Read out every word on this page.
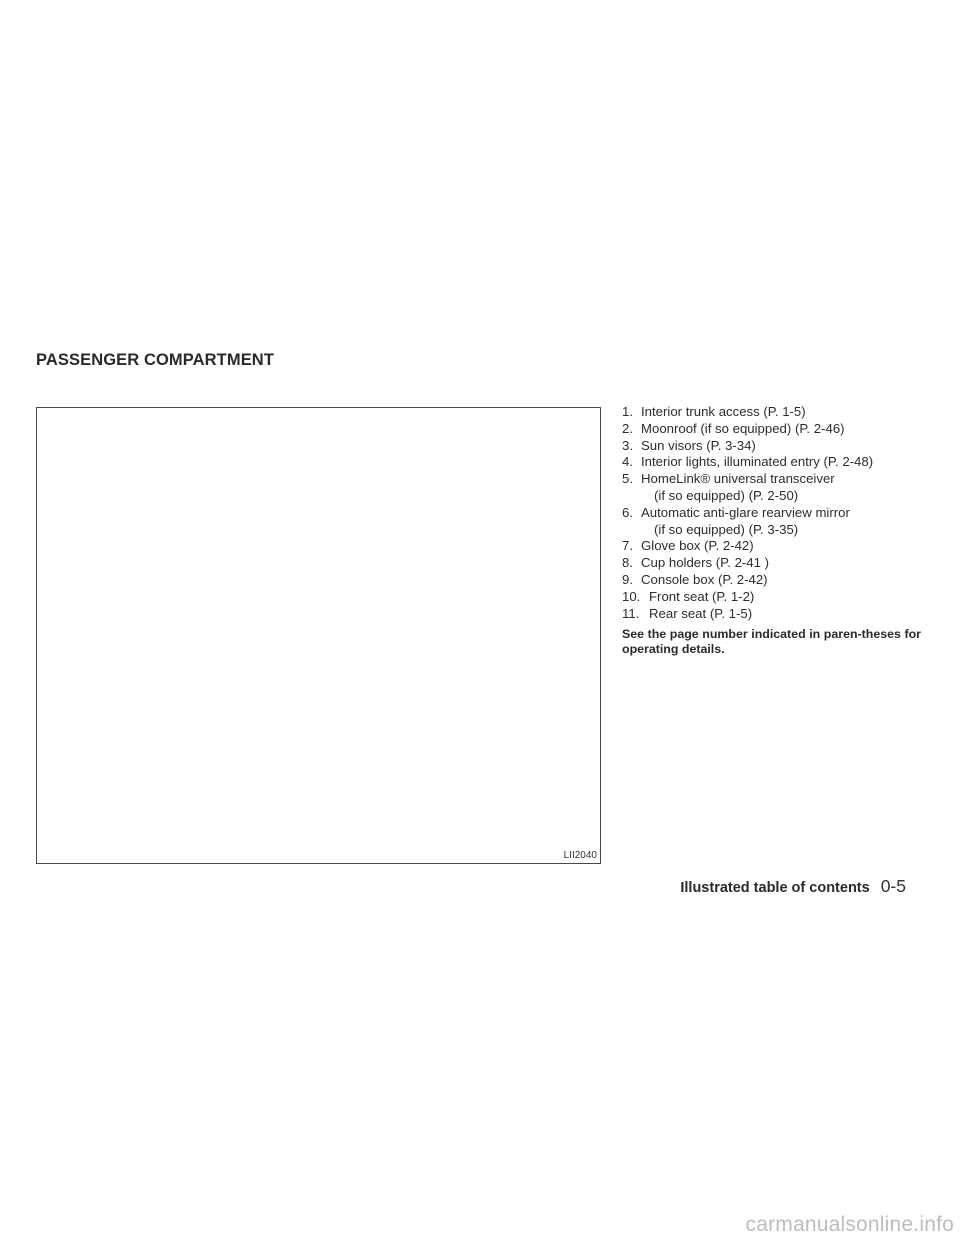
PASSENGER COMPARTMENT
LII2040
1. Interior trunk access (P. 1-5)
2. Moonroof (if so equipped) (P. 2-46)
3. Sun visors (P. 3-34)
4. Interior lights, illuminated entry (P. 2-48)
5. HomeLink® universal transceiver
(if so equipped) (P. 2-50)
6. Automatic anti-glare rearview mirror
(if so equipped) (P. 3-35)
7. Glove box (P. 2-42)
8. Cup holders (P. 2-41 )
9. Console box (P. 2-42)
10. Front seat (P. 1-2)
11. Rear seat (P. 1-5)

See the page number indicated in paren-theses for operating details.

Illustrated table of contents 0-5
carmanualsonline.info
